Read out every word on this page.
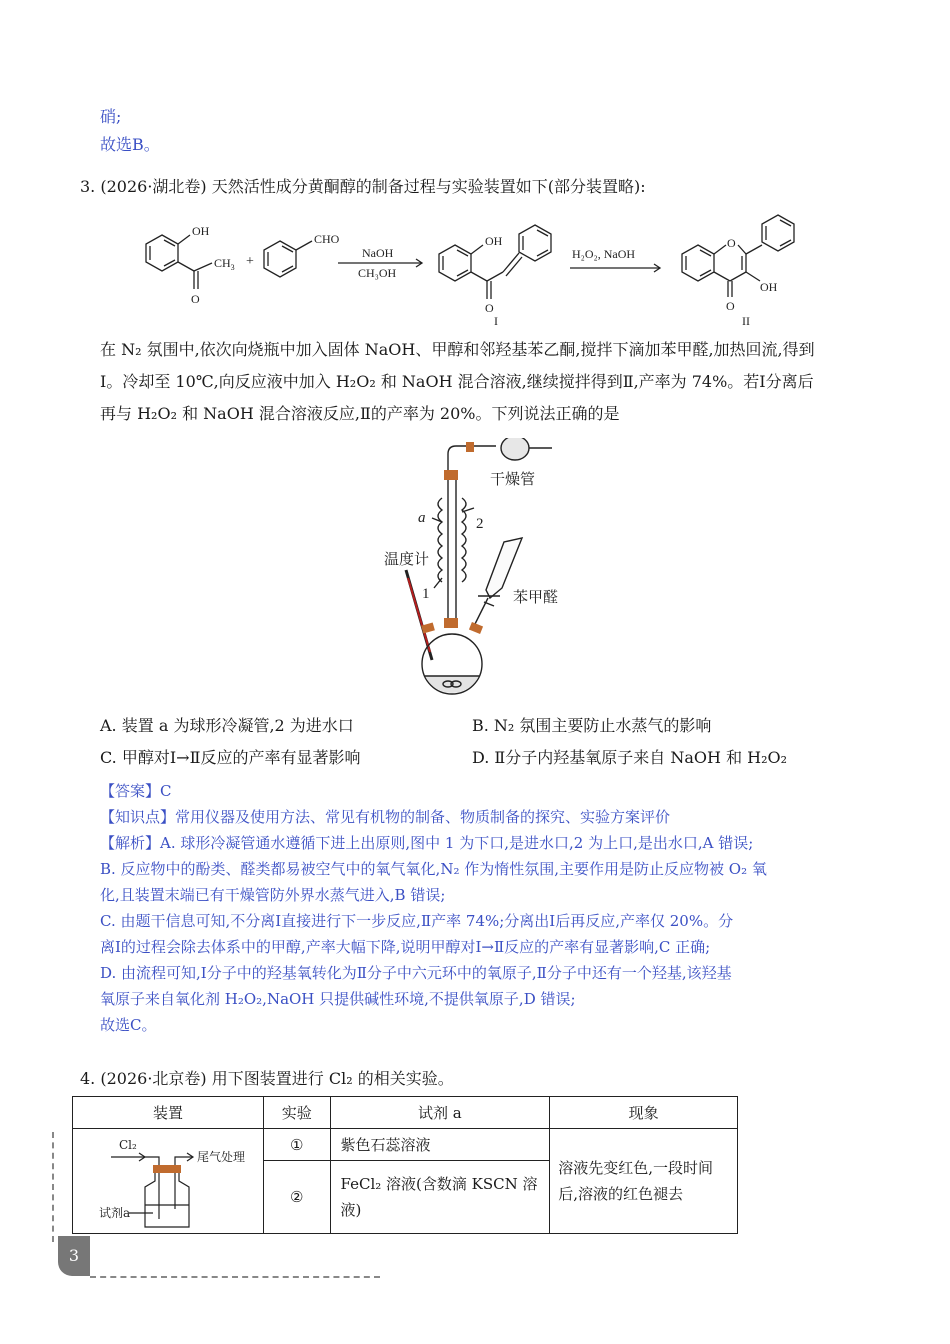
硝;
故选B。
3. (2026·湖北卷) 天然活性成分黄酮醇的制备过程与实验装置如下(部分装置略):
OH
$CH_3$
O
+
CHO
NaOH
CH₃OH
OH
O
I
H₂O₂, NaOH
O
O
OH
II
在 N₂ 氛围中,依次向烧瓶中加入固体 NaOH、甲醇和邻羟基苯乙酮,搅拌下滴加苯甲醛,加热回流,得到
Ⅰ。冷却至 10℃,向反应液中加入 H₂O₂ 和 NaOH 混合溶液,继续搅拌得到Ⅱ,产率为 74%。若Ⅰ分离后
再与 H₂O₂ 和 NaOH 混合溶液反应,Ⅱ的产率为 20%。下列说法正确的是
干燥管
a	2
温度计
1	苯甲醛
A. 装置 a 为球形冷凝管,2 为进水口	B. N₂ 氛围主要防止水蒸气的影响
C. 甲醇对Ⅰ→Ⅱ反应的产率有显著影响	D. Ⅱ分子内羟基氧原子来自 NaOH 和 H₂O₂
【答案】C
【知识点】常用仪器及使用方法、常见有机物的制备、物质制备的探究、实验方案评价
【解析】A. 球形冷凝管通水遵循下进上出原则,图中 1 为下口,是进水口,2 为上口,是出水口,A 错误;
B. 反应物中的酚类、醛类都易被空气中的氧气氧化,N₂ 作为惰性氛围,主要作用是防止反应物被 O₂ 氧
化,且装置末端已有干燥管防外界水蒸气进入,B 错误;
C. 由题干信息可知,不分离Ⅰ直接进行下一步反应,Ⅱ产率 74%;分离出Ⅰ后再反应,产率仅 20%。分
离Ⅰ的过程会除去体系中的甲醇,产率大幅下降,说明甲醇对Ⅰ→Ⅱ反应的产率有显著影响,C 正确;
D. 由流程可知,Ⅰ分子中的羟基氧转化为Ⅱ分子中六元环中的氧原子,Ⅱ分子中还有一个羟基,该羟基
氧原子来自氧化剂 H₂O₂,NaOH 只提供碱性环境,不提供氧原子,D 错误;
故选C。
4. (2026·北京卷) 用下图装置进行 Cl₂ 的相关实验。
装置	实验	试剂 a	现象

Cl₂
尾气处理
试剂a	①	紫色石蕊溶液	溶液先变红色,一段时间后,溶液的红色褪去
	②	FeCl₂ 溶液(含数滴 KSCN 溶液)	
3
